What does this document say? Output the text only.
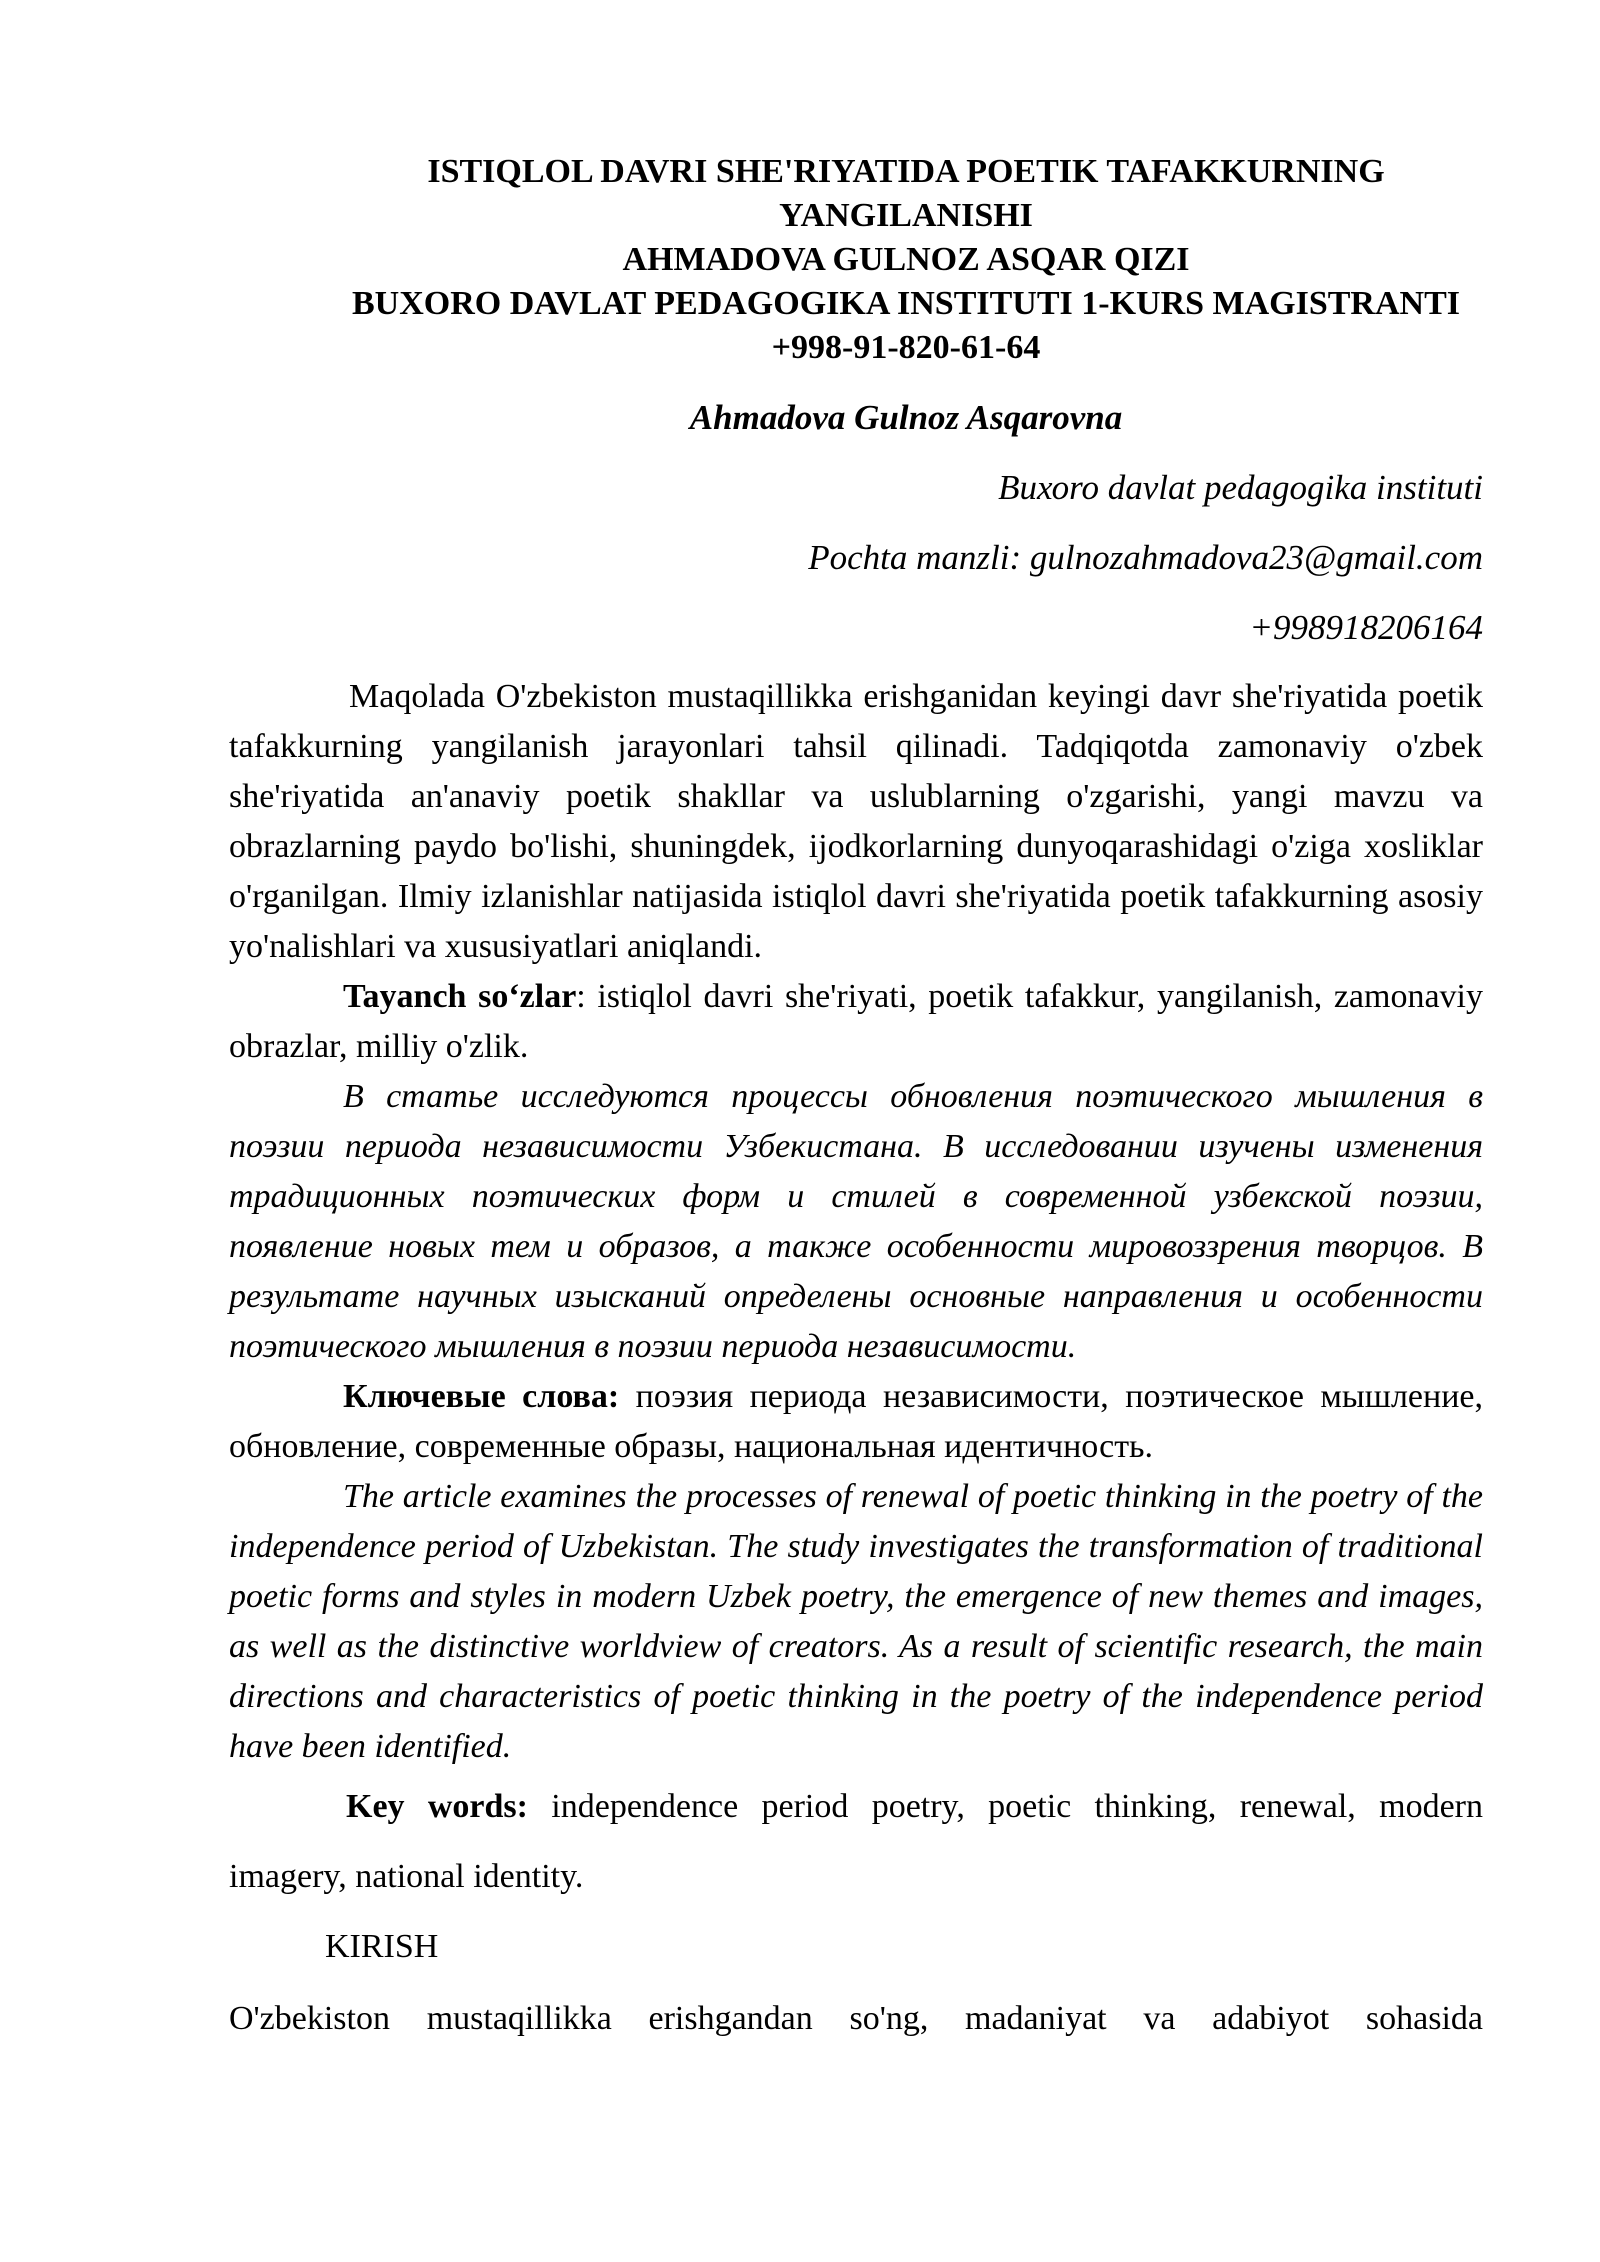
ISTIQLOL DAVRI SHE'RIYATIDA POETIK TAFAKKURNING
YANGILANISHI
AHMADOVA GULNOZ ASQAR QIZI
BUXORO DAVLAT PEDAGOGIKA INSTITUTI 1-KURS MAGISTRANTI
+998-91-820-61-64
Ahmadova Gulnoz Asqarovna
Bихоro davlat pedagogika instituti
Pochta manzli: gulnozahmadova23@gmail.com
+998918206164

Maqolada O'zbekiston mustaqillikka erishganidan keyingi davr she'riyatida poetik tafakkurning yangilanish jarayonlari tahsil qilinadi. Tadqiqotda zamonaviy o'zbek she'riyatida an'anaviy poetik shakllar va uslublarning o'zgarishi, yangi mavzu va obrazlarning paydo bo'lishi, shuningdek, ijodkorlarning dunyoqarashidagi o'ziga xosliklar o'rganilgan. Ilmiy izlanishlar natijasida istiqlol davri she'riyatida poetik tafakkurning asosiy yo'nalishlari va xususiyatlari aniqlandi.

Tayanch so‘zlar: istiqlol davri she'riyati, poetik tafakkur, yangilanish, zamonaviy obrazlar, milliy o'zlik.

В статье исследуются процессы обновления поэтического мышления в поэзии периода независимости Узбекистана. В исследовании изучены изменения традиционных поэтических форм и стилей в современной узбекской поэзии, появление новых тем и образов, а также особенности мировоззрения творцов. В результате научных изысканий определены основные направления и особенности поэтического мышления в поэзии периода независимости.

Ключевые слова: поэзия периода независимости, поэтическое мышление, обновление, современные образы, национальная идентичность.

The article examines the processes of renewal of poetic thinking in the poetry of the independence period of Uzbekistan. The study investigates the transformation of traditional poetic forms and styles in modern Uzbek poetry, the emergence of new themes and images, as well as the distinctive worldview of creators. As a result of scientific research, the main directions and characteristics of poetic thinking in the poetry of the independence period have been identified.

Key words: independence period poetry, poetic thinking, renewal, modern imagery, national identity.

KIRISH

O'zbekiston mustaqillikka erishgandan so'ng, madaniyat va adabiyot sohasida
